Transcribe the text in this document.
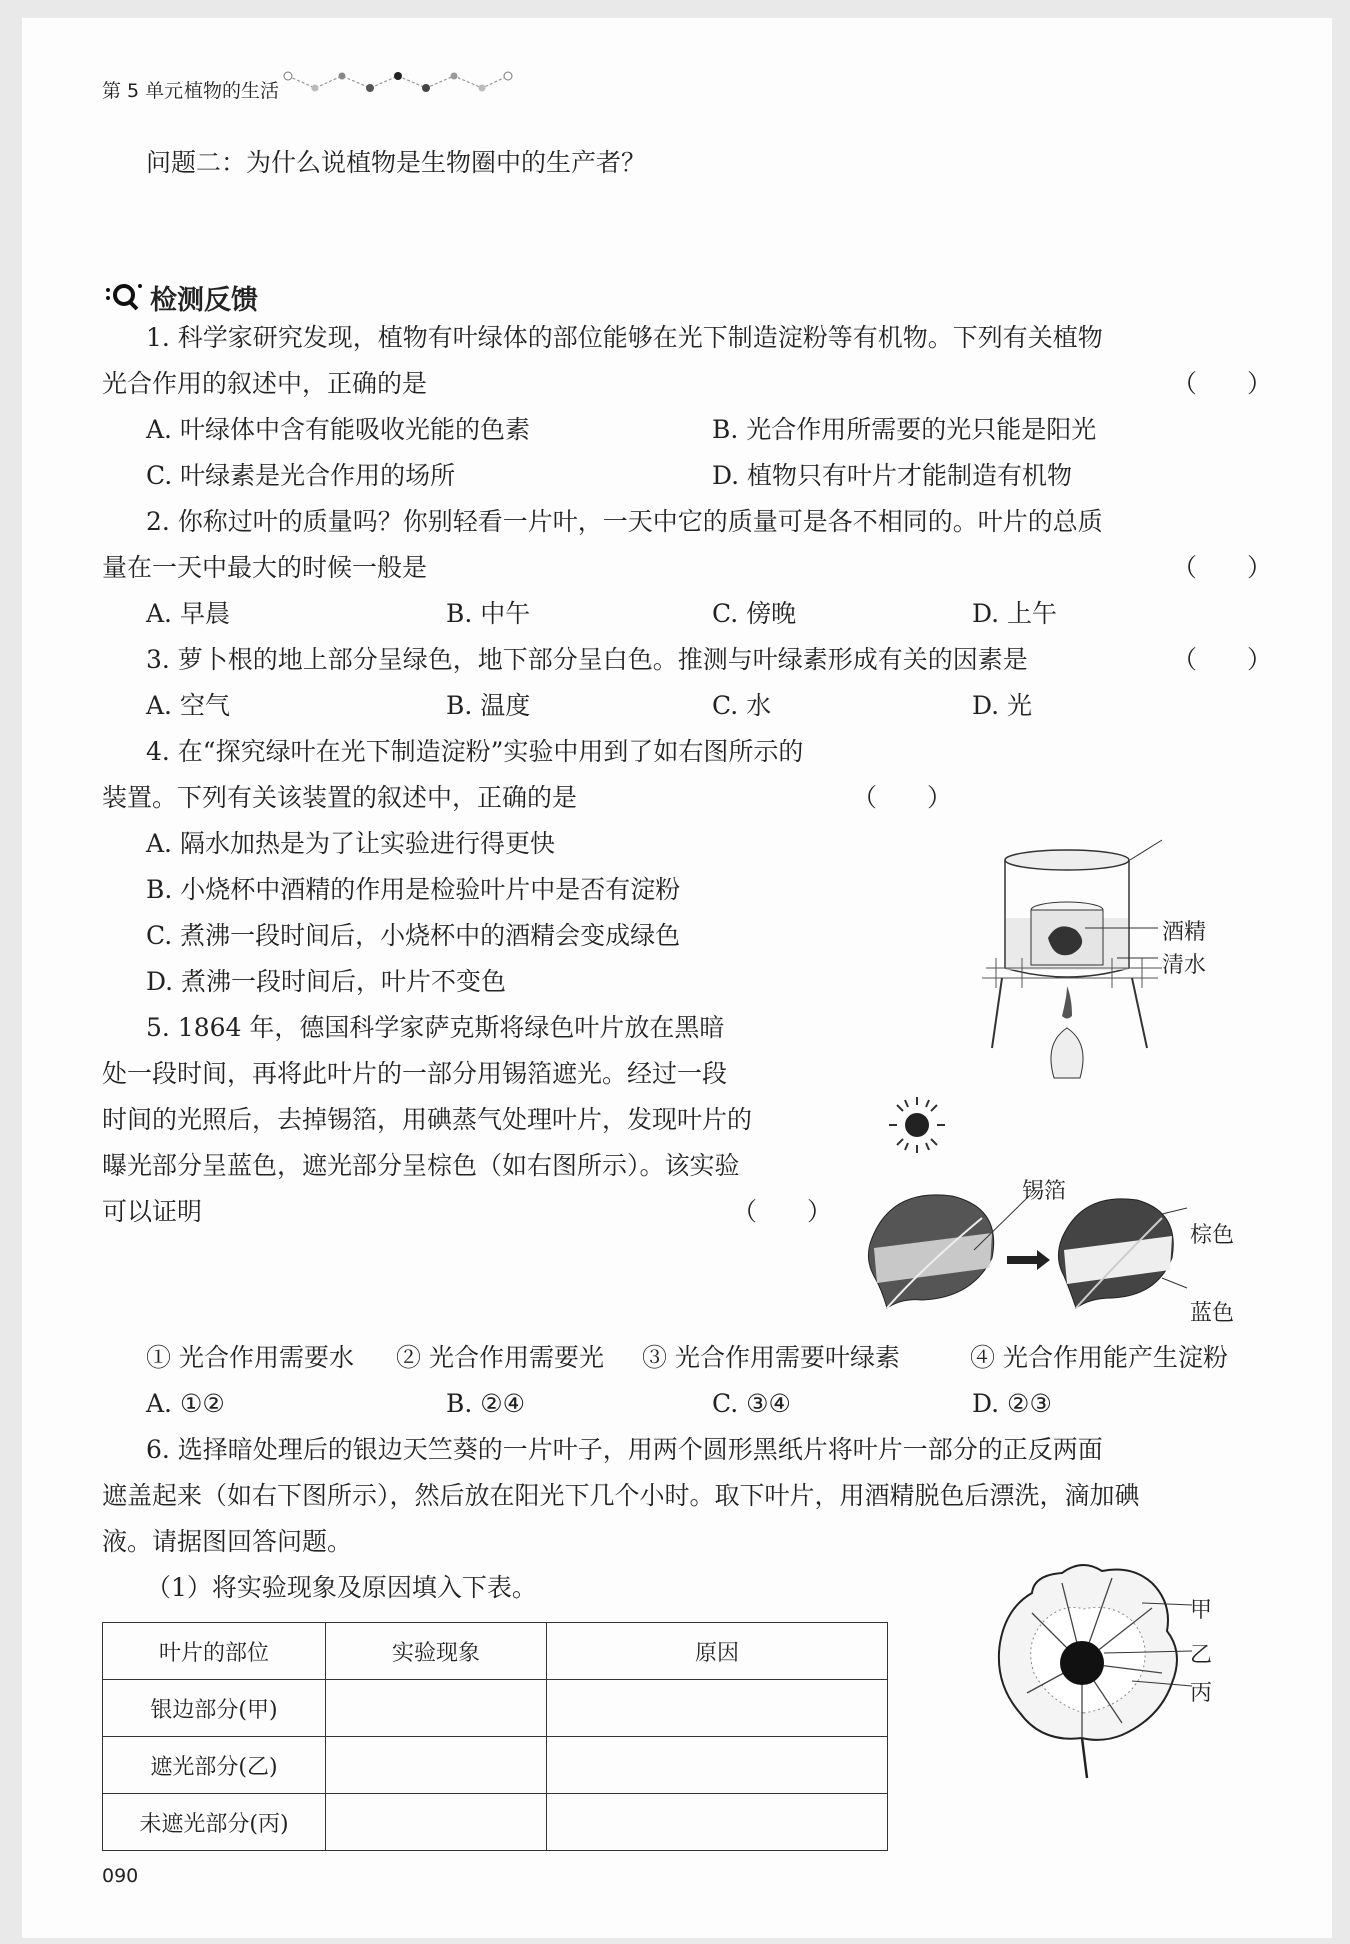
第 5 单元 植物的生活
问题二：为什么说植物是生物圈中的生产者？
检测反馈
1. 科学家研究发现，植物有叶绿体的部位能够在光下制造淀粉等有机物。下列有关植物
光合作用的叙述中，正确的是	（　　）
A. 叶绿体中含有能吸收光能的色素	B. 光合作用所需要的光只能是阳光
C. 叶绿素是光合作用的场所	D. 植物只有叶片才能制造有机物
2. 你称过叶的质量吗？你别轻看一片叶，一天中它的质量可是各不相同的。叶片的总质
量在一天中最大的时候一般是	（　　）
A. 早晨	B. 中午	C. 傍晚	D. 上午
3. 萝卜根的地上部分呈绿色，地下部分呈白色。推测与叶绿素形成有关的因素是	（　　）
A. 空气	B. 温度	C. 水	D. 光
4. 在“探究绿叶在光下制造淀粉”实验中用到了如右图所示的
装置。下列有关该装置的叙述中，正确的是	（　　）
A. 隔水加热是为了让实验进行得更快
B. 小烧杯中酒精的作用是检验叶片中是否有淀粉
C. 煮沸一段时间后，小烧杯中的酒精会变成绿色
D. 煮沸一段时间后，叶片不变色
酒精
清水
5. 1864 年，德国科学家萨克斯将绿色叶片放在黑暗
处一段时间，再将此叶片的一部分用锡箔遮光。经过一段
时间的光照后，去掉锡箔，用碘蒸气处理叶片，发现叶片的
曝光部分呈蓝色，遮光部分呈棕色（如右图所示）。该实验
可以证明	（　　）
锡箔
棕色
蓝色
① 光合作用需要水 ② 光合作用需要光 ③ 光合作用需要叶绿素	④ 光合作用能产生淀粉
A. ①②	B. ②④	C. ③④	D. ②③
6. 选择暗处理后的银边天竺葵的一片叶子，用两个圆形黑纸片将叶片一部分的正反两面
遮盖起来（如右下图所示），然后放在阳光下几个小时。取下叶片，用酒精脱色后漂洗，滴加碘
液。请据图回答问题。
（1）将实验现象及原因填入下表。
叶片的部位	实验现象	原因
银边部分(甲)		
遮光部分(乙)		
未遮光部分(丙)		
甲
乙
丙
090
